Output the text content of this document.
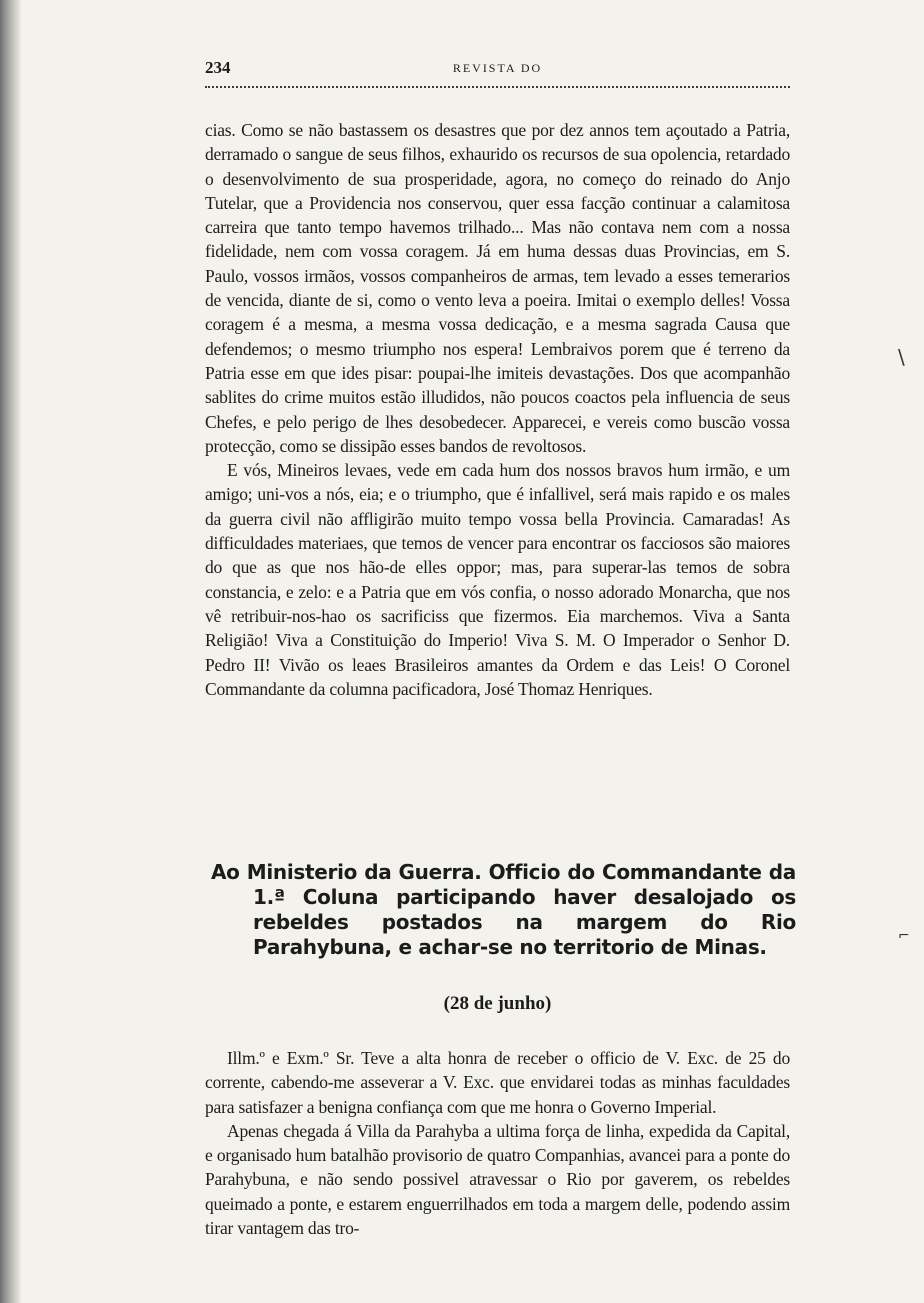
234	REVISTA DO

cias. Como se não bastassem os desastres que por dez annos tem açoutado a Patria, derramado o sangue de seus filhos, exhaurido os recursos de sua opolencia, retardado o desenvolvimento de sua prosperidade, agora, no começo do reinado do Anjo Tutelar, que a Providencia nos conservou, quer essa facção continuar a calamitosa carreira que tanto tempo havemos trilhado... Mas não contava nem com a nossa fidelidade, nem com vossa coragem. Já em huma dessas duas Provincias, em S. Paulo, vossos irmãos, vossos companheiros de armas, tem levado a esses temerarios de vencida, diante de si, como o vento leva a poeira. Imitai o exemplo delles! Vossa coragem é a mesma, a mesma vossa dedicação, e a mesma sagrada Causa que defendemos; o mesmo triumpho nos espera! Lembraivos porem que é terreno da Patria esse em que ides pisar: poupai-lhe imiteis devastações. Dos que acompanhão sablites do crime muitos estão illudidos, não poucos coactos pela influencia de seus Chefes, e pelo perigo de lhes desobedecer. Apparecei, e vereis como buscão vossa protecção, como se dissipão esses bandos de revoltosos.

E vós, Mineiros levaes, vede em cada hum dos nossos bravos hum irmão, e um amigo; uni-vos a nós, eia; e o triumpho, que é infallivel, será mais rapido e os males da guerra civil não affligirão muito tempo vossa bella Provincia. Camaradas! As difficuldades materiaes, que temos de vencer para encontrar os facciosos são maiores do que as que nos hão-de elles oppor; mas, para superar-las temos de sobra constancia, e zelo: e a Patria que em vós confia, o nosso adorado Monarcha, que nos vê retribuir-nos-hao os sacrificiss que fizermos. Eia marchemos. Viva a Santa Religião! Viva a Constituição do Imperio! Viva S. M. O Imperador o Senhor D. Pedro II! Vivão os leaes Brasileiros amantes da Ordem e das Leis! O Coronel Commandante da columna pacificadora, José Thomaz Henriques.

Ao Ministerio da Guerra. Officio do Commandante da 1.ª Coluna participando haver desalojado os rebeldes postados na margem do Rio Parahybuna, e achar-se no territorio de Minas.
(28 de junho)

Illm.º e Exm.º Sr. Teve a alta honra de receber o officio de V. Exc. de 25 do corrente, cabendo-me asseverar a V. Exc. que envidarei todas as minhas faculdades para satisfazer a benigna confiança com que me honra o Governo Imperial.

Apenas chegada á Villa da Parahyba a ultima força de linha, expedida da Capital, e organisado hum batalhão provisorio de quatro Companhias, avancei para a ponte do Parahybuna, e não sendo possivel atravessar o Rio por gaverem, os rebeldes queimado a ponte, e estarem enguerrilhados em toda a margem delle, podendo assim tirar vantagem das tro-

\
⌐
